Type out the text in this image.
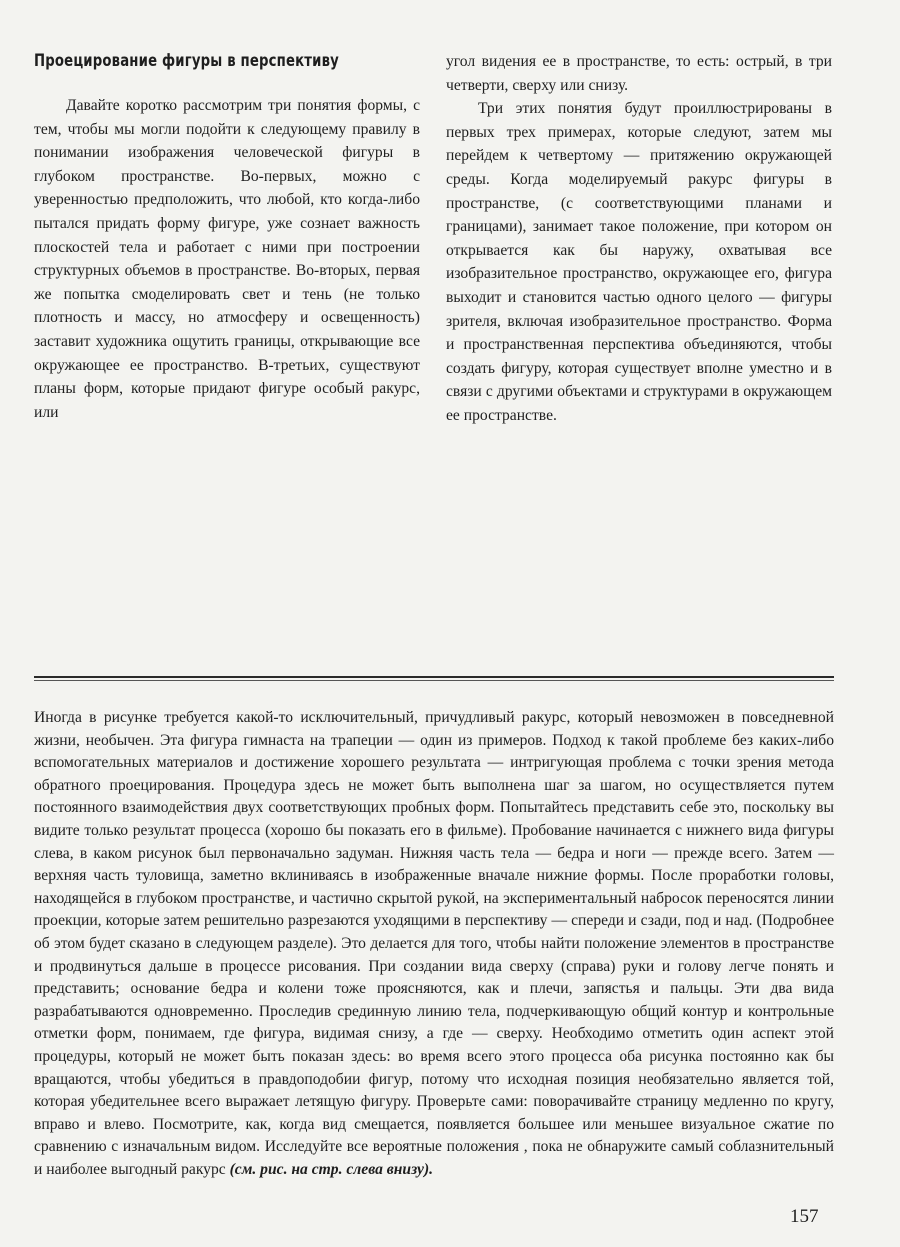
Проецирование фигуры в перспективу

Давайте коротко рассмотрим три понятия формы, с тем, чтобы мы могли подойти к следующему правилу в понимании изображения человеческой фигуры в глубоком пространстве. Во-первых, можно с уверенностью предположить, что любой, кто когда-либо пытался придать форму фигуре, уже сознает важность плоскостей тела и работает с ними при построении структурных объемов в пространстве. Во-вторых, первая же попытка смоделировать свет и тень (не только плотность и массу, но атмосферу и освещенность) заставит художника ощутить границы, открывающие все окружающее ее пространство. В-третьих, существуют планы форм, которые придают фигуре особый ракурс, или

угол видения ее в пространстве, то есть: острый, в три четверти, сверху или снизу.

Три этих понятия будут проиллюстрированы в первых трех примерах, которые следуют, затем мы перейдем к четвертому — притяжению окружающей среды. Когда моделируемый ракурс фигуры в пространстве, (с соответствующими планами и границами), занимает такое положение, при котором он открывается как бы наружу, охватывая все изобразительное пространство, окружающее его, фигура выходит и становится частью одного целого — фигуры зрителя, включая изобразительное пространство. Форма и пространственная перспектива объединяются, чтобы создать фигуру, которая существует вполне уместно и в связи с другими объектами и структурами в окружающем ее пространстве.

Иногда в рисунке требуется какой-то исключительный, причудливый ракурс, который невозможен в повседневной жизни, необычен. Эта фигура гимнаста на трапеции — один из примеров. Подход к такой проблеме без каких-либо вспомогательных материалов и достижение хорошего результата — интригующая проблема с точки зрения метода обратного проецирования. Процедура здесь не может быть выполнена шаг за шагом, но осуществляется путем постоянного взаимодействия двух соответствующих пробных форм. Попытайтесь представить себе это, поскольку вы видите только результат процесса (хорошо бы показать его в фильме). Пробование начинается с нижнего вида фигуры слева, в каком рисунок был первоначально задуман. Нижняя часть тела — бедра и ноги — прежде всего. Затем — верхняя часть туловища, заметно вклиниваясь в изображенные вначале нижние формы. После проработки головы, находящейся в глубоком пространстве, и частично скрытой рукой, на экспериментальный набросок переносятся линии проекции, которые затем решительно разрезаются уходящими в перспективу — спереди и сзади, под и над. (Подробнее об этом будет сказано в следующем разделе). Это делается для того, чтобы найти положение элементов в пространстве и продвинуться дальше в процессе рисования. При создании вида сверху (справа) руки и голову легче понять и представить; основание бедра и колени тоже проясняются, как и плечи, запястья и пальцы. Эти два вида разрабатываются одновременно. Проследив срединную линию тела, подчеркивающую общий контур и контрольные отметки форм, понимаем, где фигура, видимая снизу, а где — сверху. Необходимо отметить один аспект этой процедуры, который не может быть показан здесь: во время всего этого процесса оба рисунка постоянно как бы вращаются, чтобы убедиться в правдоподобии фигур, потому что исходная позиция необязательно является той, которая убедительнее всего выражает летящую фигуру. Проверьте сами: поворачивайте страницу медленно по кругу, вправо и влево. Посмотрите, как, когда вид смещается, появляется большее или меньшее визуальное сжатие по сравнению с изначальным видом. Исследуйте все вероятные положения , пока не обнаружите самый соблазнительный и наиболее выгодный ракурс (см. рис. на стр. слева внизу).

157
